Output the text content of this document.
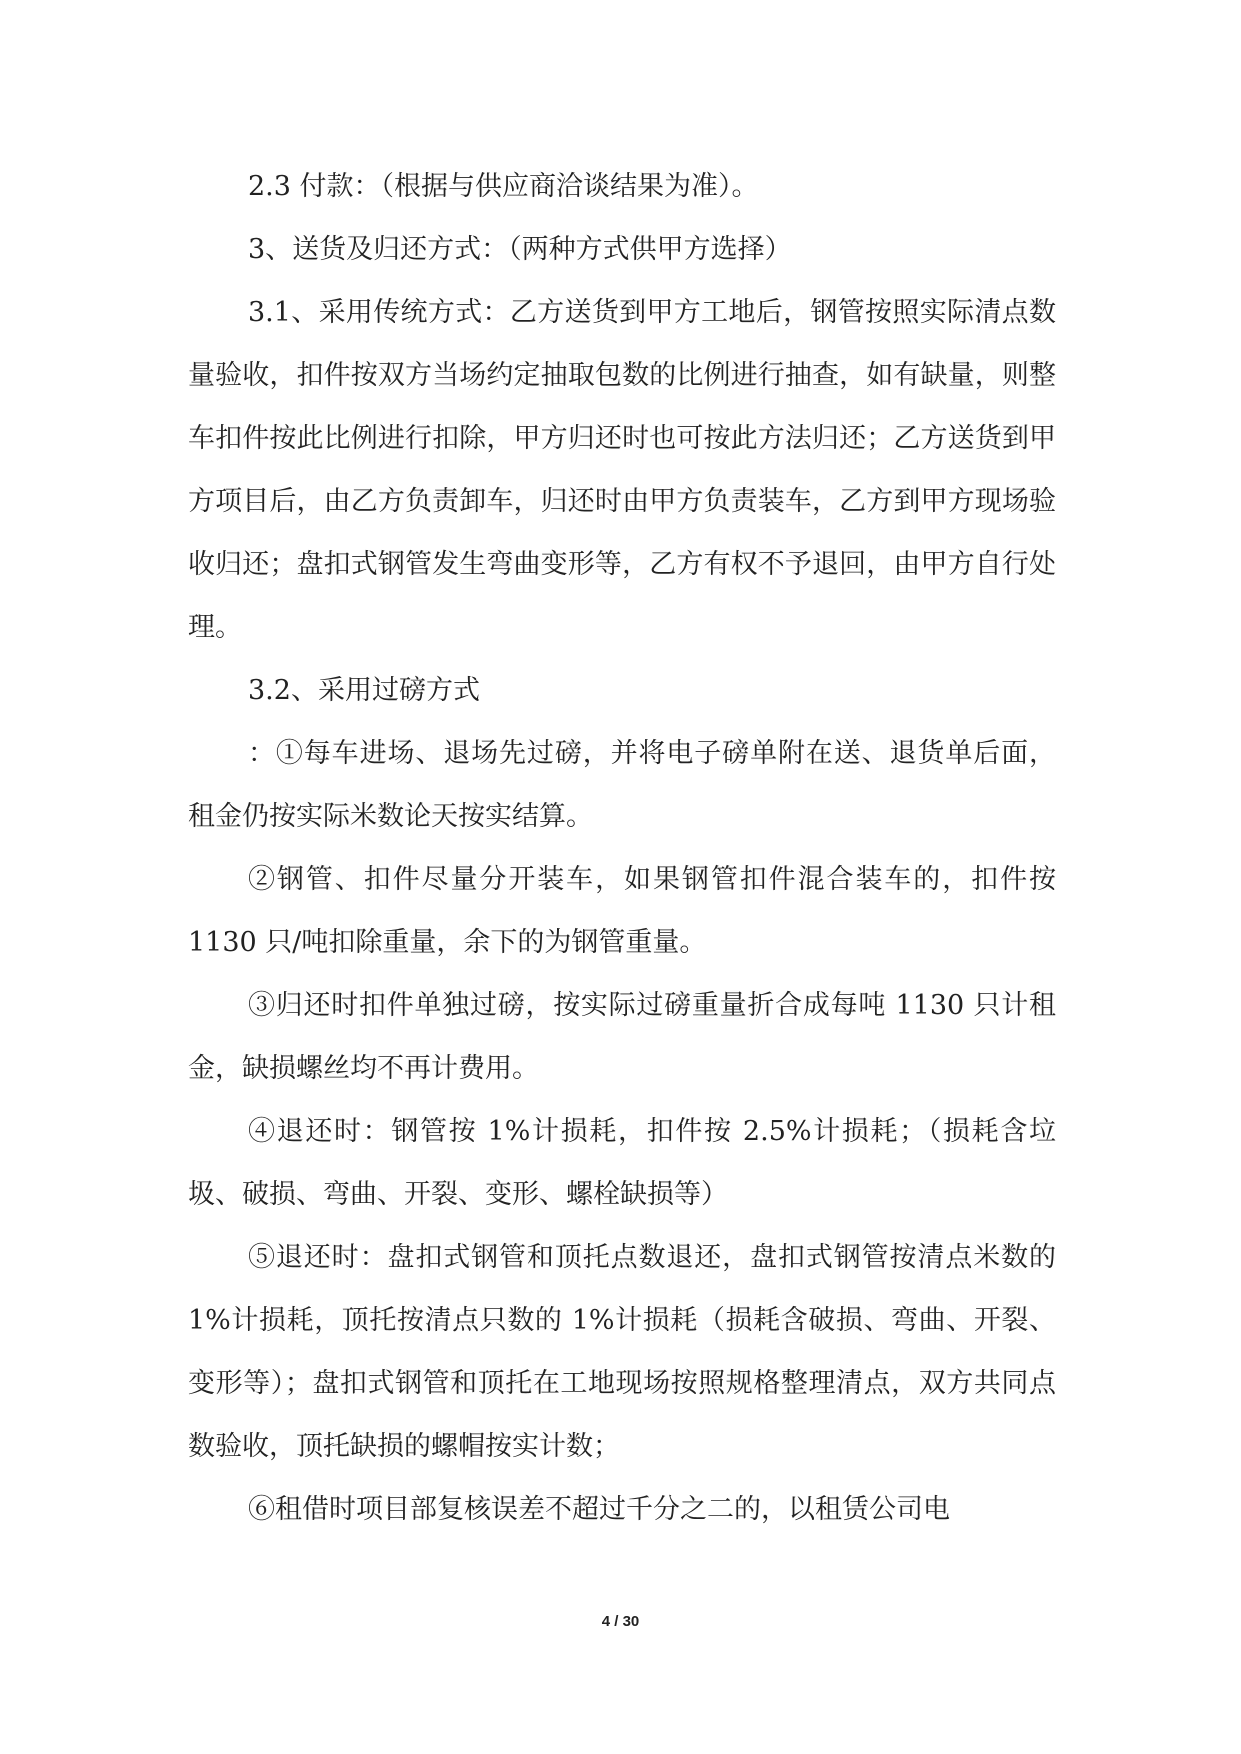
2.3 付款：（根据与供应商洽谈结果为准）。

3、送货及归还方式：（两种方式供甲方选择）

3.1、采用传统方式：乙方送货到甲方工地后，钢管按照实际清点数量验收，扣件按双方当场约定抽取包数的比例进行抽查，如有缺量，则整车扣件按此比例进行扣除，甲方归还时也可按此方法归还；乙方送货到甲方项目后，由乙方负责卸车，归还时由甲方负责装车，乙方到甲方现场验收归还；盘扣式钢管发生弯曲变形等，乙方有权不予退回，由甲方自行处理。

3.2、采用过磅方式

：①每车进场、退场先过磅，并将电子磅单附在送、退货单后面，租金仍按实际米数论天按实结算。

②钢管、扣件尽量分开装车，如果钢管扣件混合装车的，扣件按 1130 只/吨扣除重量，余下的为钢管重量。

③归还时扣件单独过磅，按实际过磅重量折合成每吨 1130 只计租金，缺损螺丝均不再计费用。

④退还时：钢管按 1%计损耗，扣件按 2.5%计损耗；（损耗含垃圾、破损、弯曲、开裂、变形、螺栓缺损等）

⑤退还时：盘扣式钢管和顶托点数退还，盘扣式钢管按清点米数的 1%计损耗，顶托按清点只数的 1%计损耗（损耗含破损、弯曲、开裂、变形等）；盘扣式钢管和顶托在工地现场按照规格整理清点，双方共同点数验收，顶托缺损的螺帽按实计数；

⑥租借时项目部复核误差不超过千分之二的，以租赁公司电

4 / 30
